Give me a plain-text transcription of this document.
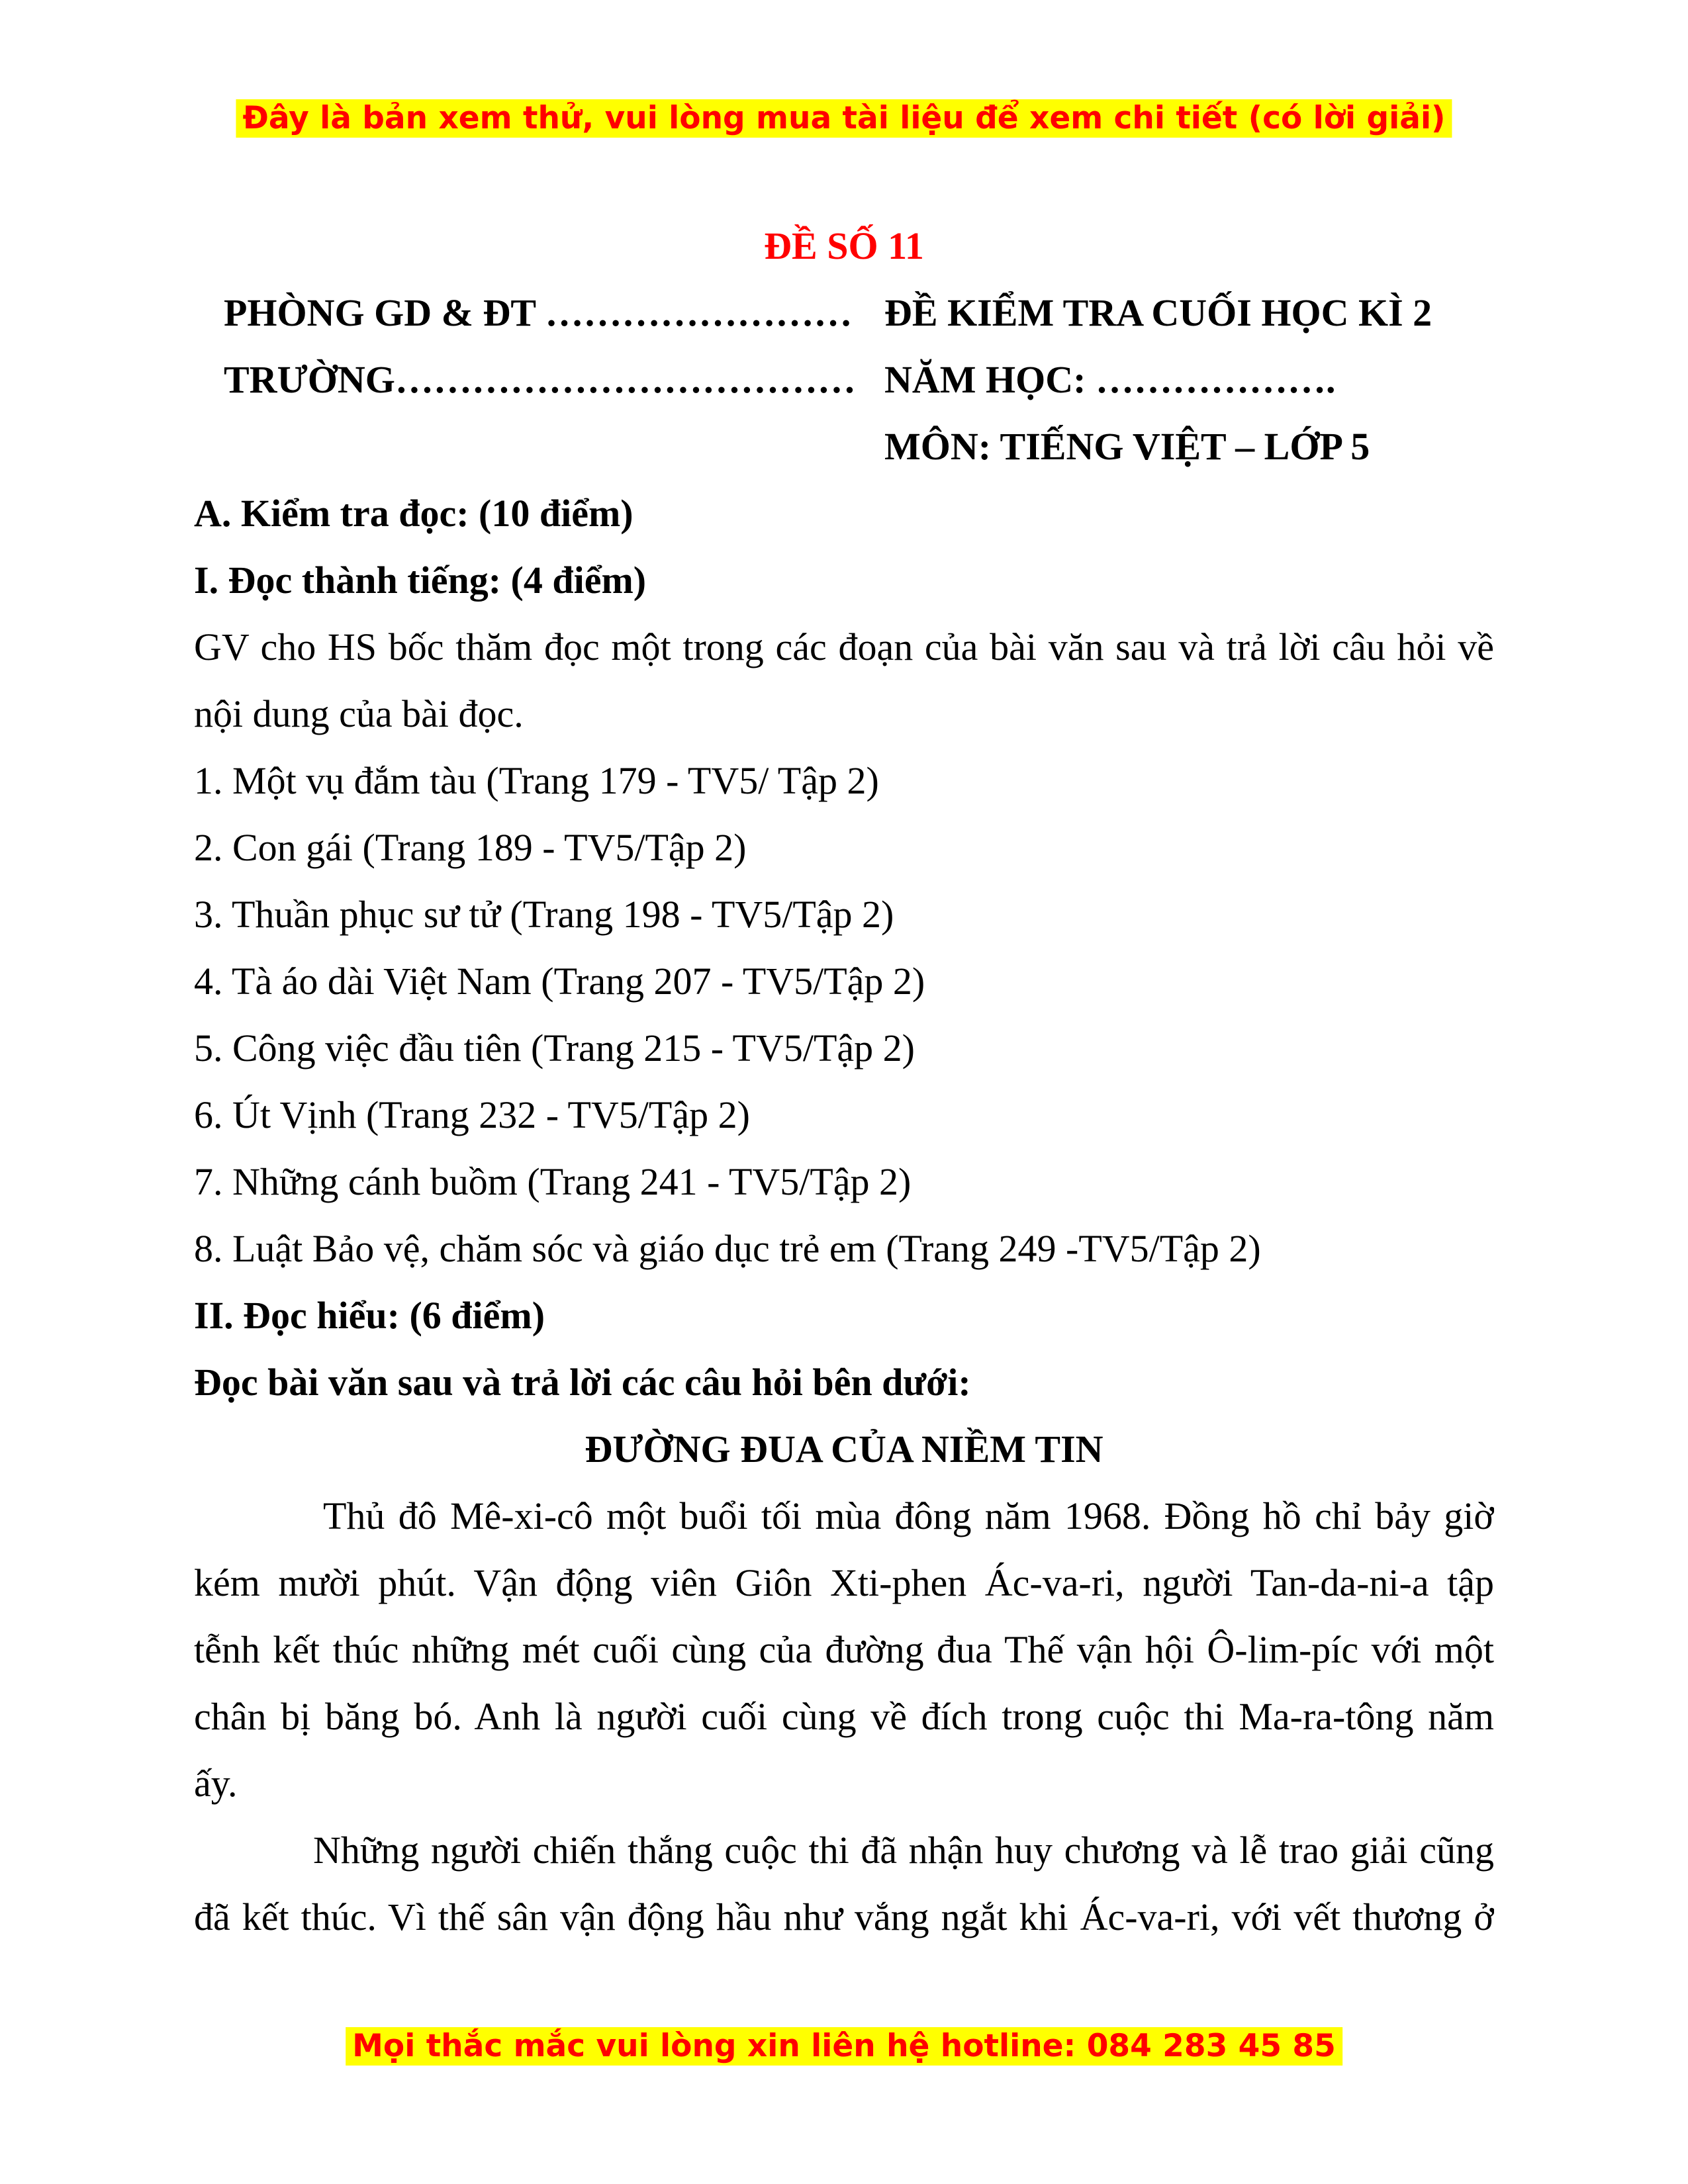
Đây là bản xem thử, vui lòng mua tài liệu để xem chi tiết (có lời giải)
ĐỀ SỐ 11
PHÒNG GD & ĐT …………………… ĐỀ KIỂM TRA CUỐI HỌC KÌ 2
TRƯỜNG……………………………… NĂM HỌC: ……………….
MÔN: TIẾNG VIỆT – LỚP 5
A. Kiểm tra đọc: (10 điểm)
I. Đọc thành tiếng: (4 điểm)
GV cho HS bốc thăm đọc một trong các đoạn của bài văn sau và trả lời câu hỏi về
nội dung của bài đọc.
1. Một vụ đắm tàu (Trang 179 - TV5/ Tập 2)
2. Con gái (Trang 189 - TV5/Tập 2)
3. Thuần phục sư tử (Trang 198 - TV5/Tập 2)
4. Tà áo dài Việt Nam (Trang 207 - TV5/Tập 2)
5. Công việc đầu tiên (Trang 215 - TV5/Tập 2)
6. Út Vịnh (Trang 232 - TV5/Tập 2)
7. Những cánh buồm (Trang 241 - TV5/Tập 2)
8. Luật Bảo vệ, chăm sóc và giáo dục trẻ em (Trang 249 -TV5/Tập 2)
II. Đọc hiểu: (6 điểm)
Đọc bài văn sau và trả lời các câu hỏi bên dưới:
ĐƯỜNG ĐUA CỦA NIỀM TIN
Thủ đô Mê-xi-cô một buổi tối mùa đông năm 1968. Đồng hồ chỉ bảy giờ
kém mười phút. Vận động viên Giôn Xti-phen Ác-va-ri, người Tan-da-ni-a tập
tễnh kết thúc những mét cuối cùng của đường đua Thế vận hội Ô-lim-píc với một
chân bị băng bó. Anh là người cuối cùng về đích trong cuộc thi Ma-ra-tông năm
ấy.
Những người chiến thắng cuộc thi đã nhận huy chương và lễ trao giải cũng
đã kết thúc. Vì thế sân vận động hầu như vắng ngắt khi Ác-va-ri, với vết thương ở
Mọi thắc mắc vui lòng xin liên hệ hotline: 084 283 45 85
